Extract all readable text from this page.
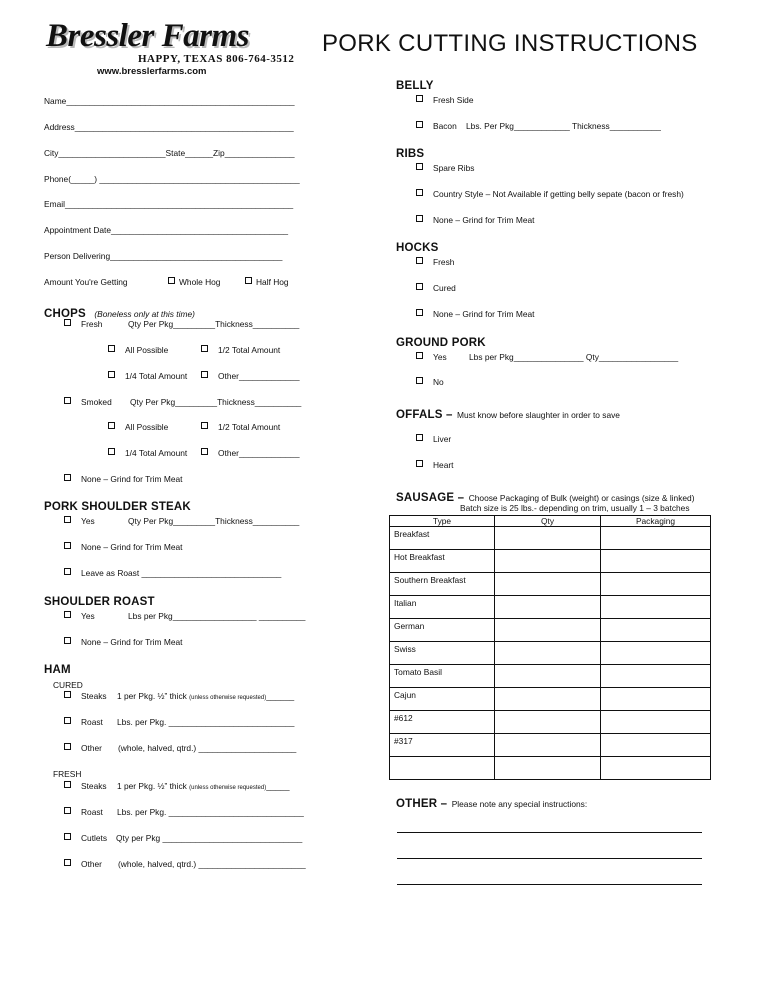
Bressler Farms
HAPPY, TEXAS 806-764-3512
www.bresslerfarms.com
PORK CUTTING INSTRUCTIONS
Name_________________________________________________
Address_______________________________________________
City_______________________State______Zip_______________
Phone(_____) ___________________________________________
Email_________________________________________________
Appointment Date______________________________________
Person Delivering_____________________________________
Amount You're Getting	Whole Hog	Half Hog
CHOPS (Boneless only at this time)
Fresh	Qty Per Pkg_________Thickness__________
All Possible	1/2 Total Amount
1/4 Total Amount	Other_____________
Smoked Qty Per Pkg_________Thickness__________
All Possible	1/2 Total Amount
1/4 Total Amount	Other_____________
None – Grind for Trim Meat
PORK SHOULDER STEAK
Yes	Qty Per Pkg_________Thickness__________
None – Grind for Trim Meat
Leave as Roast ______________________________
SHOULDER ROAST
Yes	Lbs per Pkg__________________ __________
None – Grind for Trim Meat
HAM
CURED
Steaks 1 per Pkg. ½” thick (unless otherwise requested)______
Roast Lbs. per Pkg. ___________________________
Other (whole, halved, qtrd.) _____________________
FRESH
Steaks 1 per Pkg. ½” thick (unless otherwise requested)_____
Roast Lbs. per Pkg. _____________________________
Cutlets Qty per Pkg ______________________________
Other (whole, halved, qtrd.) _______________________
BELLY
Fresh Side
Bacon Lbs. Per Pkg____________ Thickness___________
RIBS
Spare Ribs
Country Style – Not Available if getting belly sepate (bacon or fresh)
None – Grind for Trim Meat
HOCKS
Fresh
Cured
None – Grind for Trim Meat
GROUND PORK
Yes	Lbs per Pkg_______________ Qty_________________
No
OFFALS – Must know before slaughter in order to save
Liver
Heart
SAUSAGE – Choose Packaging of Bulk (weight) or casings (size & linked)
Batch size is 25 lbs.- depending on trim, usually 1 – 3 batches
Type	Qty	Packaging
Breakfast		
Hot Breakfast		
Southern Breakfast		
Italian		
German		
Swiss		
Tomato Basil		
Cajun		
#612		
#317		

OTHER – Please note any special instructions:
